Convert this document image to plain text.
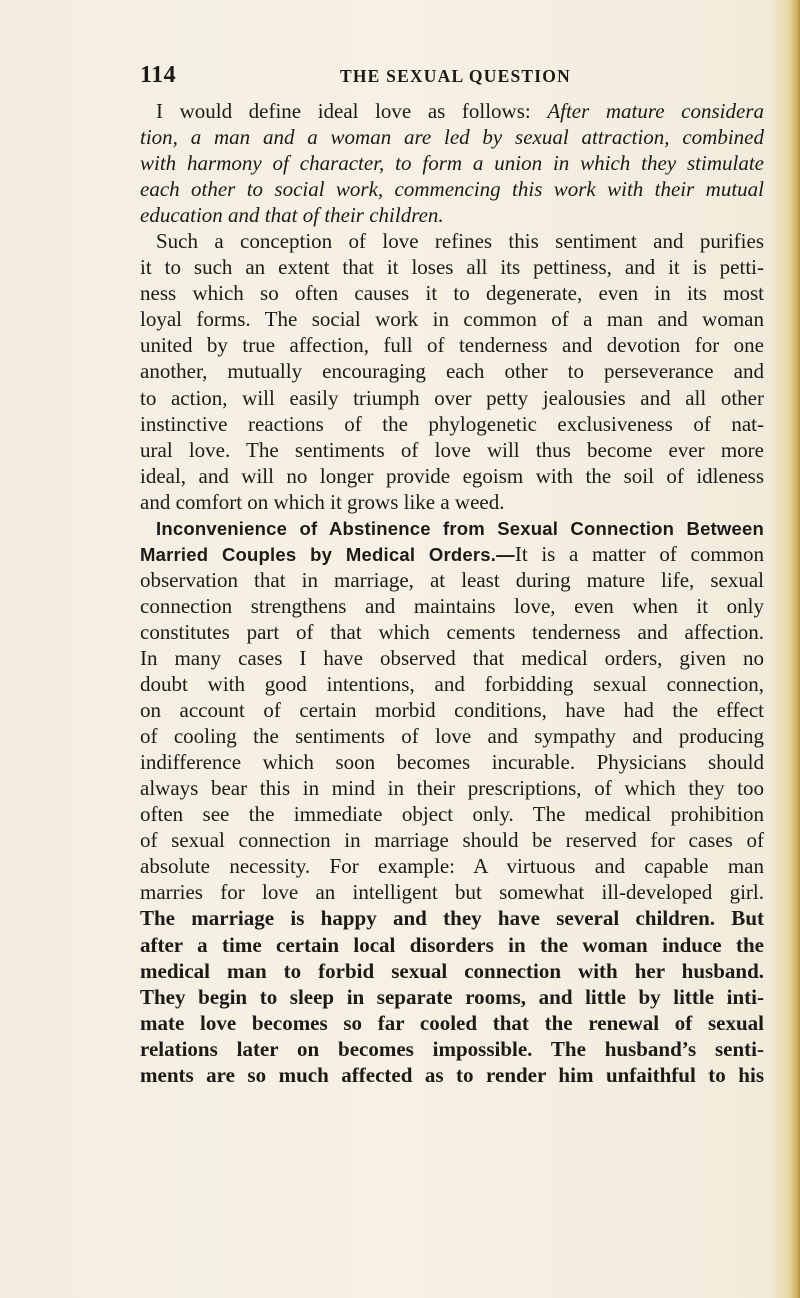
114	THE SEXUAL QUESTION
I would define ideal love as follows: After mature considera
tion, a man and a woman are led by sexual attraction, combined
with harmony of character, to form a union in which they stimulate
each other to social work, commencing this work with their mutual
education and that of their children.
Such a conception of love refines this sentiment and purifies
it to such an extent that it loses all its pettiness, and it is petti-
ness which so often causes it to degenerate, even in its most
loyal forms. The social work in common of a man and woman
united by true affection, full of tenderness and devotion for one
another, mutually encouraging each other to perseverance and
to action, will easily triumph over petty jealousies and all other
instinctive reactions of the phylogenetic exclusiveness of nat-
ural love. The sentiments of love will thus become ever more
ideal, and will no longer provide egoism with the soil of idleness
and comfort on which it grows like a weed.
Inconvenience of Abstinence from Sexual Connection Between
Married Couples by Medical Orders.—It is a matter of common
observation that in marriage, at least during mature life, sexual
connection strengthens and maintains love, even when it only
constitutes part of that which cements tenderness and affection.
In many cases I have observed that medical orders, given no
doubt with good intentions, and forbidding sexual connection,
on account of certain morbid conditions, have had the effect
of cooling the sentiments of love and sympathy and producing
indifference which soon becomes incurable. Physicians should
always bear this in mind in their prescriptions, of which they too
often see the immediate object only. The medical prohibition
of sexual connection in marriage should be reserved for cases of
absolute necessity. For example: A virtuous and capable man
marries for love an intelligent but somewhat ill-developed girl.
The marriage is happy and they have several children. But
after a time certain local disorders in the woman induce the
medical man to forbid sexual connection with her husband.
They begin to sleep in separate rooms, and little by little inti-
mate love becomes so far cooled that the renewal of sexual
relations later on becomes impossible. The husband’s senti-
ments are so much affected as to render him unfaithful to his
